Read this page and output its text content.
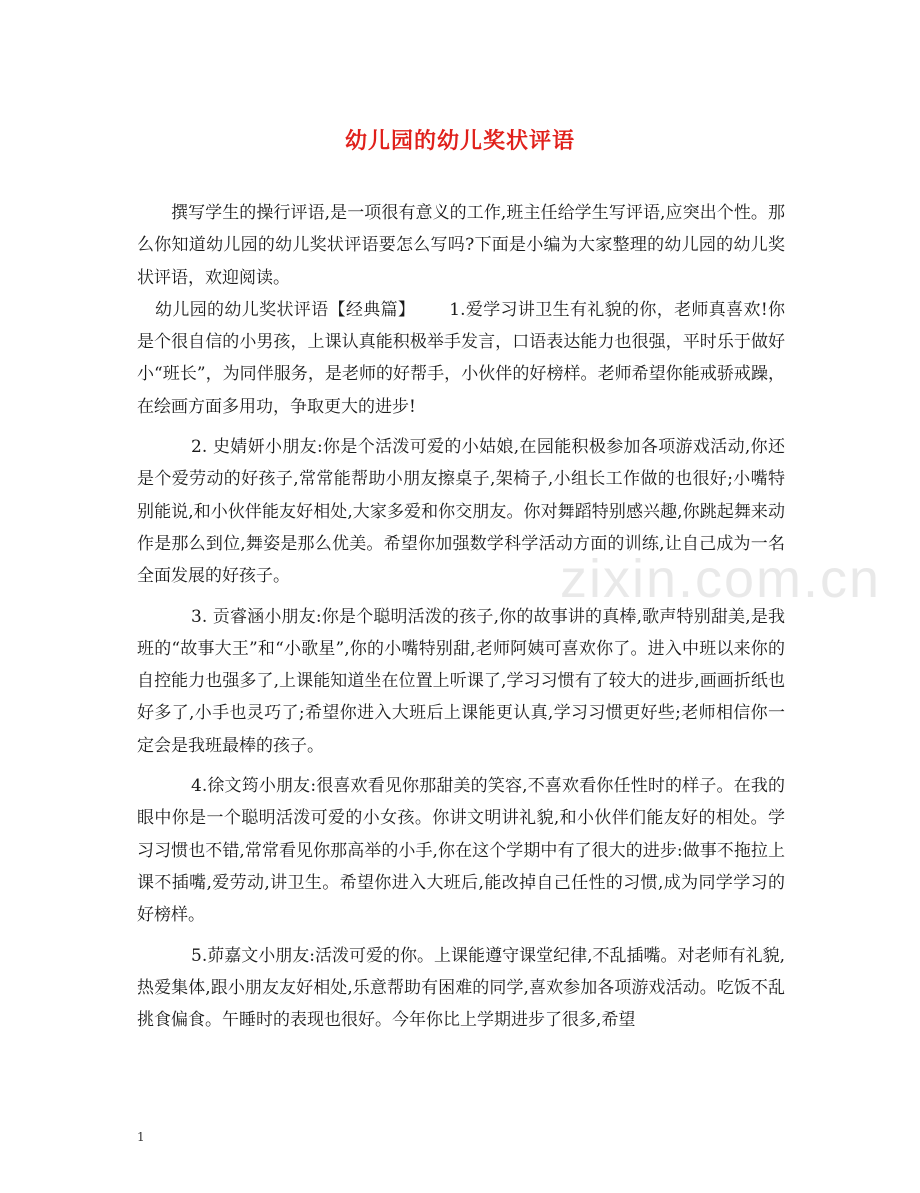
幼儿园的幼儿奖状评语

撰写学生的操行评语,是一项很有意义的工作,班主任给学生写评语,应突出个性。那么你知道幼儿园的幼儿奖状评语要怎么写吗?下面是小编为大家整理的幼儿园的幼儿奖状评语，欢迎阅读。

幼儿园的幼儿奖状评语【经典篇】 1.爱学习讲卫生有礼貌的你，老师真喜欢!你是个很自信的小男孩，上课认真能积极举手发言，口语表达能力也很强，平时乐于做好小“班长”，为同伴服务，是老师的好帮手，小伙伴的好榜样。老师希望你能戒骄戒躁，在绘画方面多用功，争取更大的进步!

2. 史婧妍小朋友:你是个活泼可爱的小姑娘,在园能积极参加各项游戏活动,你还是个爱劳动的好孩子,常常能帮助小朋友擦桌子,架椅子,小组长工作做的也很好;小嘴特别能说,和小伙伴能友好相处,大家多爱和你交朋友。你对舞蹈特别感兴趣,你跳起舞来动作是那么到位,舞姿是那么优美。希望你加强数学科学活动方面的训练,让自己成为一名全面发展的好孩子。

3. 贡睿涵小朋友:你是个聪明活泼的孩子,你的故事讲的真棒,歌声特别甜美,是我班的“故事大王”和“小歌星”,你的小嘴特别甜,老师阿姨可喜欢你了。进入中班以来你的自控能力也强多了,上课能知道坐在位置上听课了,学习习惯有了较大的进步,画画折纸也好多了,小手也灵巧了;希望你进入大班后上课能更认真,学习习惯更好些;老师相信你一定会是我班最棒的孩子。

4.徐文筠小朋友:很喜欢看见你那甜美的笑容,不喜欢看你任性时的样子。在我的眼中你是一个聪明活泼可爱的小女孩。你讲文明讲礼貌,和小伙伴们能友好的相处。学习习惯也不错,常常看见你那高举的小手,你在这个学期中有了很大的进步:做事不拖拉上课不插嘴,爱劳动,讲卫生。希望你进入大班后,能改掉自己任性的习惯,成为同学学习的好榜样。

5.茆嘉文小朋友:活泼可爱的你。上课能遵守课堂纪律,不乱插嘴。对老师有礼貌,热爱集体,跟小朋友友好相处,乐意帮助有困难的同学,喜欢参加各项游戏活动。吃饭不乱挑食偏食。午睡时的表现也很好。今年你比上学期进步了很多,希望

zixin.com.cn
1
